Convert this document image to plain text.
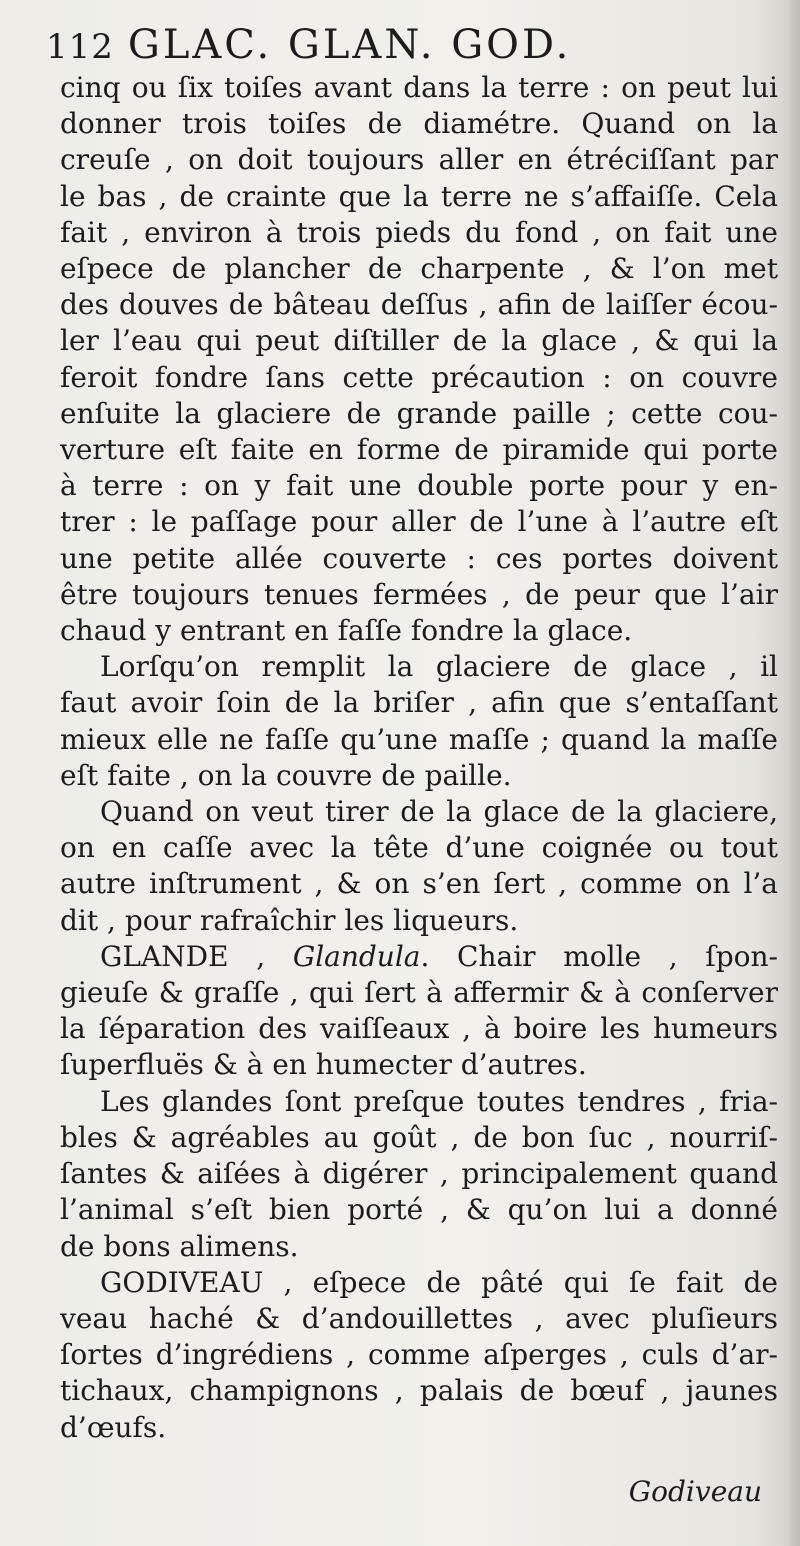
112 GLAC. GLAN. GOD.
cinq ou ſix toiſes avant dans la terre : on peut lui
donner trois toiſes de diamétre. Quand on la
creuſe , on doit toujours aller en étréciſſant par
le bas , de crainte que la terre ne s’affaiſſe. Cela
fait , environ à trois pieds du fond , on fait une
eſpece de plancher de charpente , & l’on met
des douves de bâteau deſſus , afin de laiſſer écou-
ler l’eau qui peut diſtiller de la glace , & qui la
feroit fondre ſans cette précaution : on couvre
enſuite la glaciere de grande paille ; cette cou-
verture eſt faite en forme de piramide qui porte
à terre : on y fait une double porte pour y en-
trer : le paſſage pour aller de l’une à l’autre eſt
une petite allée couverte : ces portes doivent
être toujours tenues fermées , de peur que l’air
chaud y entrant en faſſe fondre la glace.
Lorſqu’on remplit la glaciere de glace , il
faut avoir ſoin de la briſer , afin que s’entaſſant
mieux elle ne faſſe qu’une maſſe ; quand la maſſe
eſt faite , on la couvre de paille.
Quand on veut tirer de la glace de la glaciere,
on en caſſe avec la tête d’une coignée ou tout
autre inſtrument , & on s’en ſert , comme on l’a
dit , pour rafraîchir les liqueurs.
GLANDE , Glandula. Chair molle , ſpon-
gieuſe & graſſe , qui ſert à affermir & à conſerver
la ſéparation des vaiſſeaux , à boire les humeurs
ſuperfluës & à en humecter d’autres.
Les glandes ſont preſque toutes tendres , fria-
bles & agréables au goût , de bon ſuc , nourriſ-
ſantes & aiſées à digérer , principalement quand
l’animal s’eſt bien porté , & qu’on lui a donné
de bons alimens.
GODIVEAU , eſpece de pâté qui ſe fait de
veau haché & d’andouillettes , avec pluſieurs
ſortes d’ingrédiens , comme aſperges , culs d’ar-
tichaux, champignons , palais de bœuf , jaunes
d’œufs.
Godiveau
